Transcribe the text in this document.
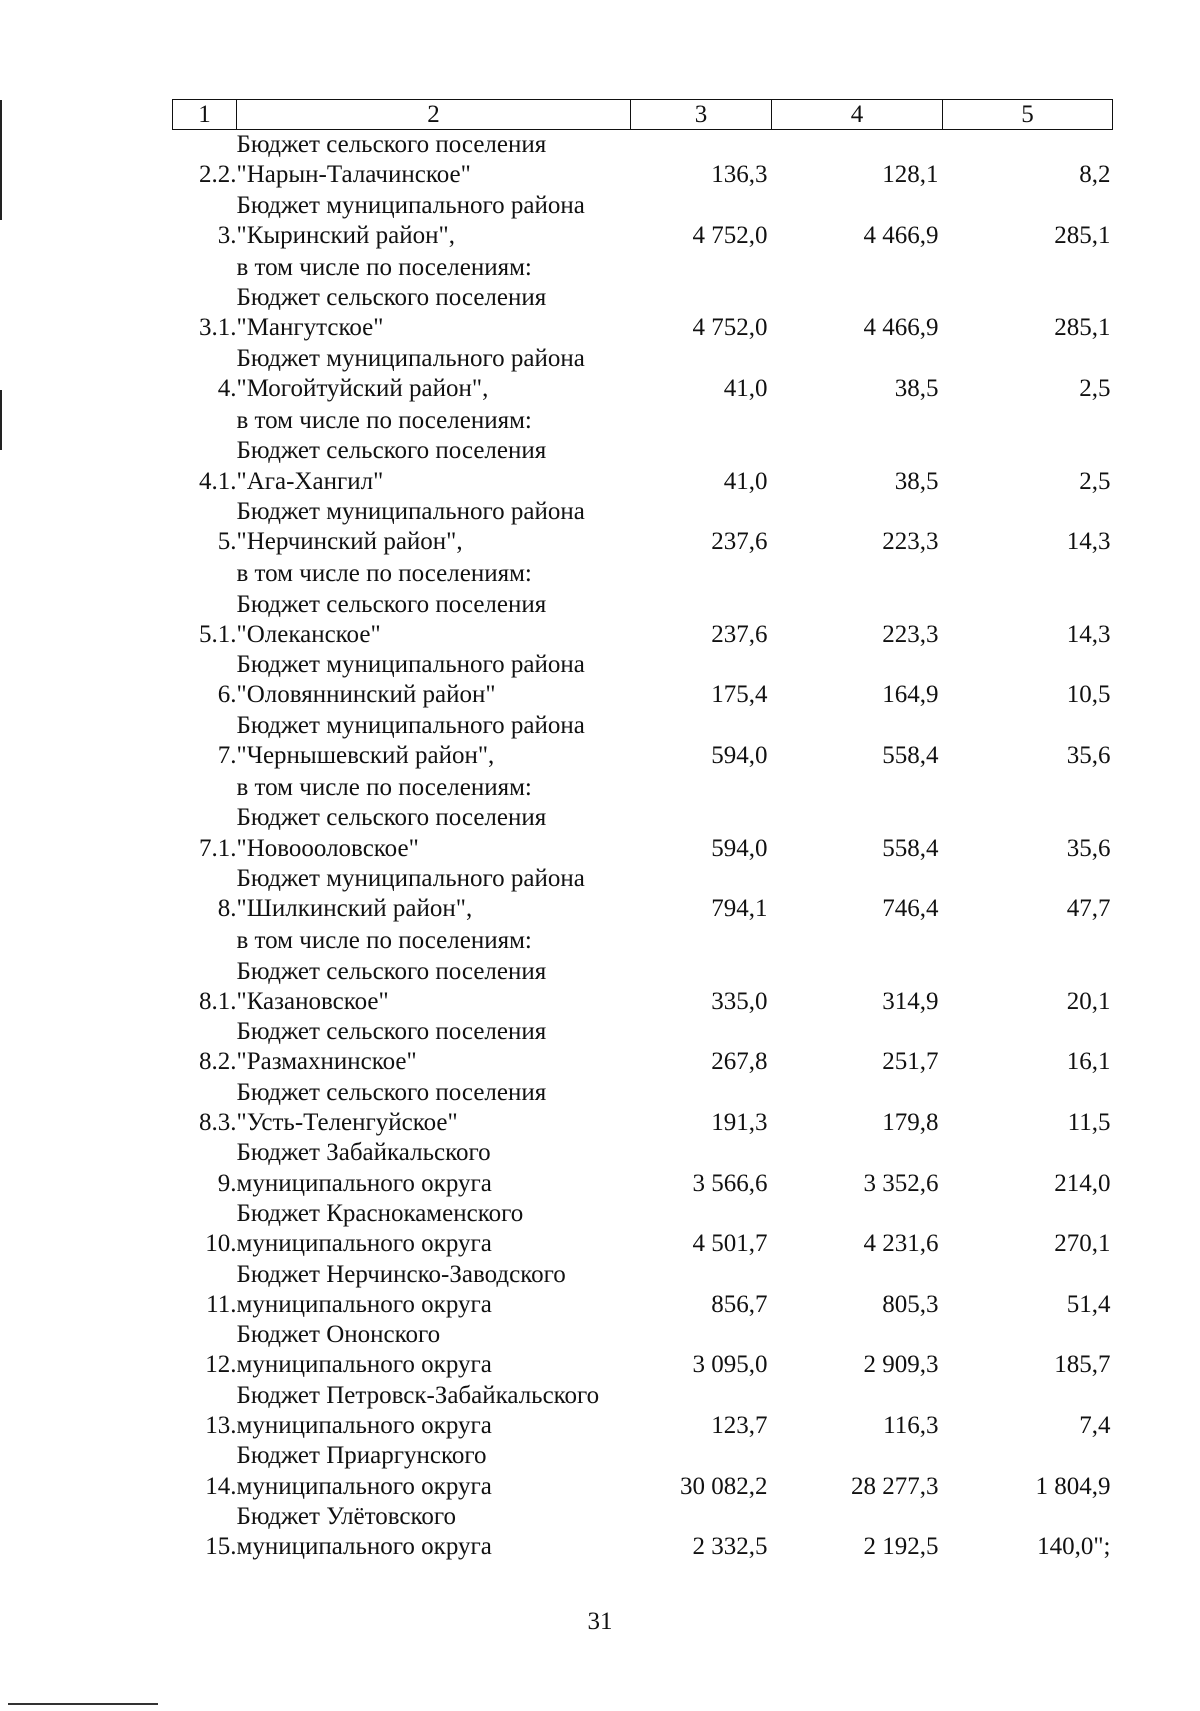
1	2	3	4	5
2.2.	Бюджет сельского поселения
"Нарын-Талачинское"	136,3	128,1	8,2
3.	Бюджет муниципального района
"Кыринский район",	4 752,0	4 466,9	285,1

	в том числе по поселениям:			

3.1.	Бюджет сельского поселения
"Мангутское"	4 752,0	4 466,9	285,1
4.	Бюджет муниципального района
"Могойтуйский район",	41,0	38,5	2,5

	в том числе по поселениям:			

4.1.	Бюджет сельского поселения
"Ага-Хангил"	41,0	38,5	2,5
5.	Бюджет муниципального района
"Нерчинский район",	237,6	223,3	14,3

	в том числе по поселениям:			

5.1.	Бюджет сельского поселения
"Олеканское"	237,6	223,3	14,3
6.	Бюджет муниципального района
"Оловяннинский район"	175,4	164,9	10,5
7.	Бюджет муниципального района
"Чернышевский район",	594,0	558,4	35,6

	в том числе по поселениям:			

7.1.	Бюджет сельского поселения
"Новоооловское"	594,0	558,4	35,6
8.	Бюджет муниципального района
"Шилкинский район",	794,1	746,4	47,7

	в том числе по поселениям:			

8.1.	Бюджет сельского поселения
"Казановское"	335,0	314,9	20,1
8.2.	Бюджет сельского поселения
"Размахнинское"	267,8	251,7	16,1
8.3.	Бюджет сельского поселения
"Усть-Теленгуйское"	191,3	179,8	11,5
9.	Бюджет Забайкальского
муниципального округа	3 566,6	3 352,6	214,0
10.	Бюджет Краснокаменского
муниципального округа	4 501,7	4 231,6	270,1
11.	Бюджет Нерчинско-Заводского
муниципального округа	856,7	805,3	51,4
12.	Бюджет Ононского
муниципального округа	3 095,0	2 909,3	185,7
13.	Бюджет Петровск-Забайкальского
муниципального округа	123,7	116,3	7,4
14.	Бюджет Приаргунского
муниципального округа	30 082,2	28 277,3	1 804,9
15.	Бюджет Улётовского
муниципального округа	2 332,5	2 192,5	140,0";
31
